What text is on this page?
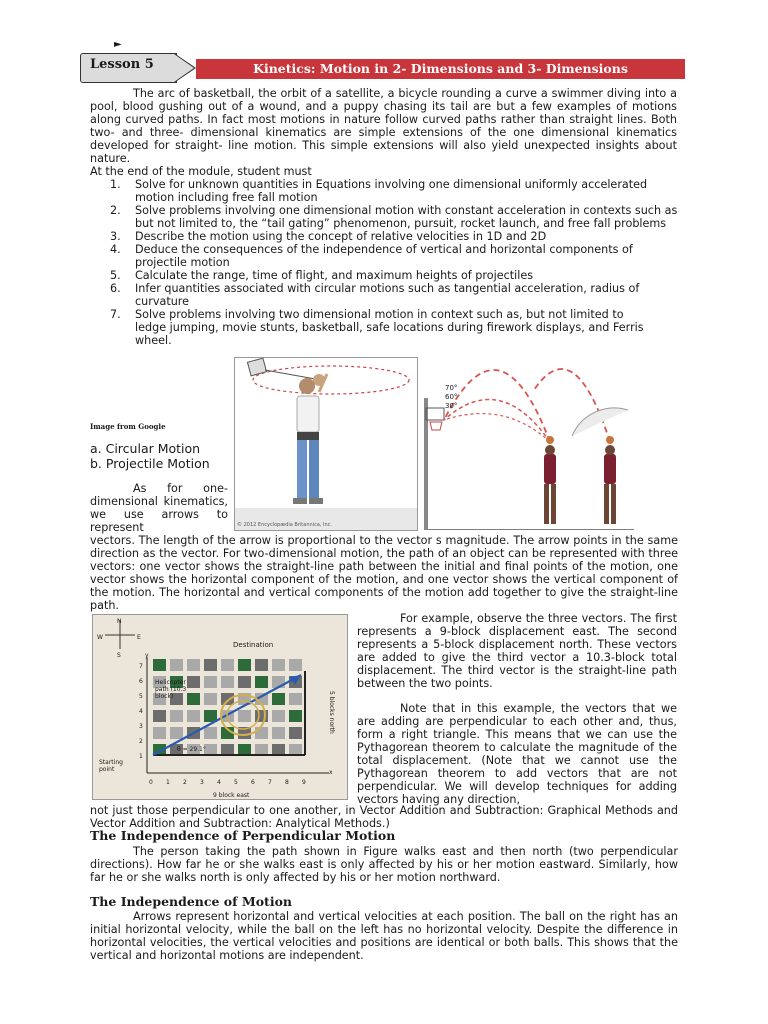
►
Lesson 5	Kinetics: Motion in 2- Dimensions and 3- Dimensions

The arc of basketball, the orbit of a satellite, a bicycle rounding a curve a swimmer diving into a pool, blood gushing out of a wound, and a puppy chasing its tail are but a few examples of motions along curved paths. In fact most motions in nature follow curved paths rather than straight lines. Both two- and three- dimensional kinematics are simple extensions of the one dimensional kinematics developed for straight- line motion. This simple extensions will also yield unexpected insights about nature.

At the end of the module, student must

1. Solve for unknown quantities in Equations involving one dimensional uniformly accelerated motion including free fall motion
2. Solve problems involving one dimensional motion with constant acceleration in contexts such as but not limited to, the “tail gating” phenomenon, pursuit, rocket launch, and free fall problems
3. Describe the motion using the concept of relative velocities in 1D and 2D
4. Deduce the consequences of the independence of vertical and horizontal components of projectile motion
5. Calculate the range, time of flight, and maximum heights of projectiles
6. Infer quantities associated with circular motions such as tangential acceleration, radius of curvature
7. Solve problems involving two dimensional motion in context such as, but not limited to ledge jumping, movie stunts, basketball, safe locations during firework displays, and Ferris wheel.
© 2012 Encyclopædia Britannica, Inc.
70°
60°
30°
Image from Google
a. Circular Motion
b. Projectile Motion

As for one-dimensional kinematics, we use arrows to represent

vectors. The length of the arrow is proportional to the vector s magnitude. The arrow points in the same direction as the vector. For two-dimensional motion, the path of an object can be represented with three vectors: one vector shows the straight-line path between the initial and final points of the motion, one vector shows the horizontal component of the motion, and one vector shows the vertical component of the motion. The horizontal and vertical components of the motion add together to give the straight-line path.

N
W	E
S
Destination
Starting point
9 block east
5 blocks north
Helicopter path (10.3 block)
θ = 29.1°
x
y
0 1 2 3 4 5 6 7 8 9
1
2
3
4
5
6
7

For example, observe the three vectors. The first represents a 9-block displacement east. The second represents a 5-block displacement north. These vectors are added to give the third vector a 10.3-block total displacement. The third vector is the straight-line path between the two points.

Note that in this example, the vectors that we are adding are perpendicular to each other and, thus, form a right triangle. This means that we can use the Pythagorean theorem to calculate the magnitude of the total displacement. (Note that we cannot use the Pythagorean theorem to add vectors that are not perpendicular. We will develop techniques for adding vectors having any direction,

not just those perpendicular to one another, in Vector Addition and Subtraction: Graphical Methods and Vector Addition and Subtraction: Analytical Methods.)

The Independence of Perpendicular Motion

The person taking the path shown in Figure walks east and then north (two perpendicular directions). How far he or she walks east is only affected by his or her motion eastward. Similarly, how far he or she walks north is only affected by his or her motion northward.

The Independence of Motion

Arrows represent horizontal and vertical velocities at each position. The ball on the right has an initial horizontal velocity, while the ball on the left has no horizontal velocity. Despite the difference in horizontal velocities, the vertical velocities and positions are identical or both balls. This shows that the vertical and horizontal motions are independent.
